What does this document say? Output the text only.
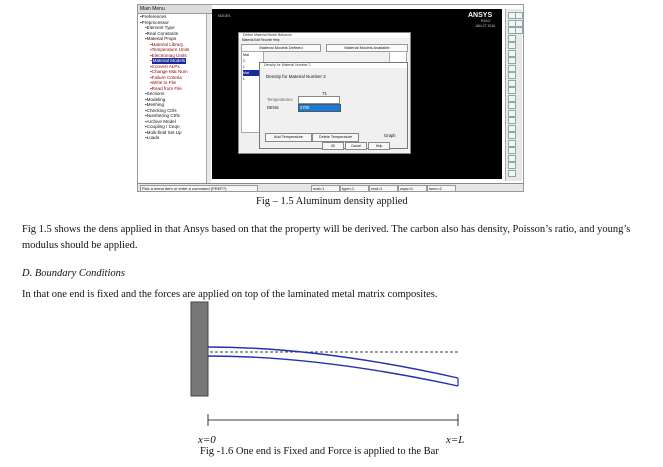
Main Menu
▪Preferences
▪Preprocessor
▪Element Type
▪Real Constants
▪Material Props
▪Material Library
▪Temperature Units
▪Electromag Units
Material Models
▪Convert ALPx
▪Change Mat Num
▪Failure Criteria
▪Write to File
▪Read from File
▪Sections
▪Modeling
▪Meshing
▪Checking Ctrls
▪Numbering Ctrls
▪Archive Model
▪Coupling / Ceqn
▪Multi-field Set Up
▪Loads
NODES	ANSYS
R16.0
JAN 27 2016
Define Material Model Behavior
Material Edit Favorite Help
Material Models Defined	Material Models Available
Mat
C
L
Mat
L
Density for Material Number 2
Density for Material Number 2
T1
Temperatures
DENS	2700
Add Temperature	Delete Temperature	Graph
OK	Cancel	Help
Pick a menu item or enter a command (PREP7)	mat=1	type=1	real=1	csys=0	secn=1
Fig – 1.5 Aluminum density applied
Fig 1.5 shows the dens applied in that Ansys based on that the property will be derived. The carbon also has density, Poisson’s ratio, and young’s modulus should be applied.
D. Boundary Conditions
In that one end is fixed and the forces are applied on top of the laminated metal matrix composites.
x=0	x=L
Fig -1.6 One end is Fixed and Force is applied to the Bar
